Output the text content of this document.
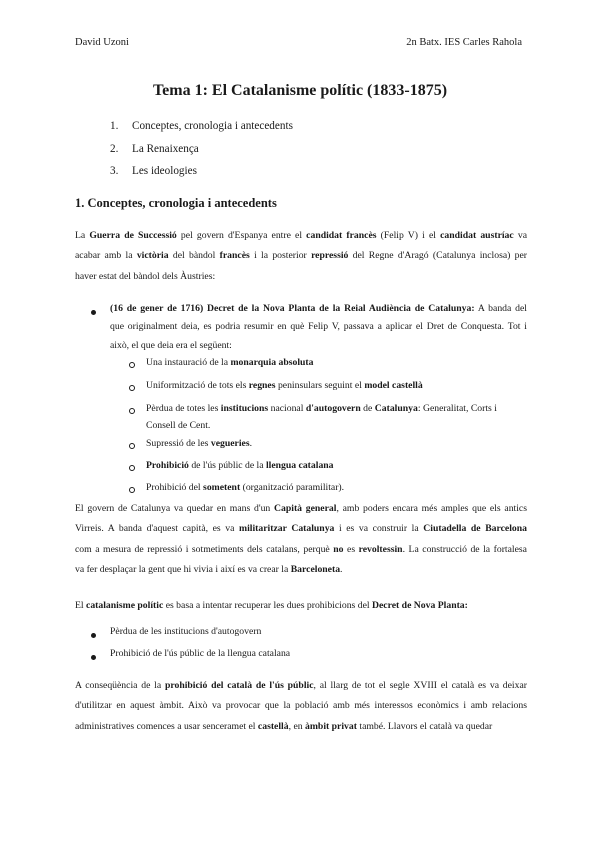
David Uzoni	2n Batx. IES Carles Rahola
Tema 1: El Catalanisme polític (1833-1875)
1.	Conceptes, cronologia i antecedents
2.	La Renaixença
3.	Les ideologies
1. Conceptes, cronologia i antecedents
La Guerra de Successió pel govern d'Espanya entre el candidat francès (Felip V) i el candidat austríac va
acabar amb la victòria del bàndol francès i la posterior repressió del Regne d'Aragó (Catalunya inclosa) per
haver estat del bàndol dels Àustries:
(16 de gener de 1716) Decret de la Nova Planta de la Reial Audiència de Catalunya: A banda del
que originalment deia, es podria resumir en què Felip V, passava a aplicar el Dret de Conquesta. Tot i
això, el que deia era el següent:
Una instauració de la monarquia absoluta
Uniformització de tots els regnes peninsulars seguint el model castellà
Pèrdua de totes les institucions nacional d'autogovern de Catalunya: Generalitat, Corts i
Consell de Cent.
Supressió de les vegueries.
Prohibició de l'ús públic de la llengua catalana
Prohibició del sometent (organització paramilitar).
El govern de Catalunya va quedar en mans d'un Capità general, amb poders encara més amples que els antics
Virreis. A banda d'aquest capità, es va militaritzar Catalunya i es va construir la Ciutadella de Barcelona
com a mesura de repressió i sotmetiments dels catalans, perquè no es revoltessin. La construcció de la fortalesa
va fer desplaçar la gent que hi vivia i així es va crear la Barceloneta.
El catalanisme polític es basa a intentar recuperar les dues prohibicions del Decret de Nova Planta:
Pèrdua de les institucions d'autogovern
Prohibició de l'ús públic de la llengua catalana
A conseqüència de la prohibició del català de l'ús públic, al llarg de tot el segle XVIII el català es va deixar
d'utilitzar en aquest àmbit. Això va provocar que la població amb més interessos econòmics i amb relacions
administratives comences a usar senceramet el castellà, en àmbit privat també. Llavors el català va quedar
